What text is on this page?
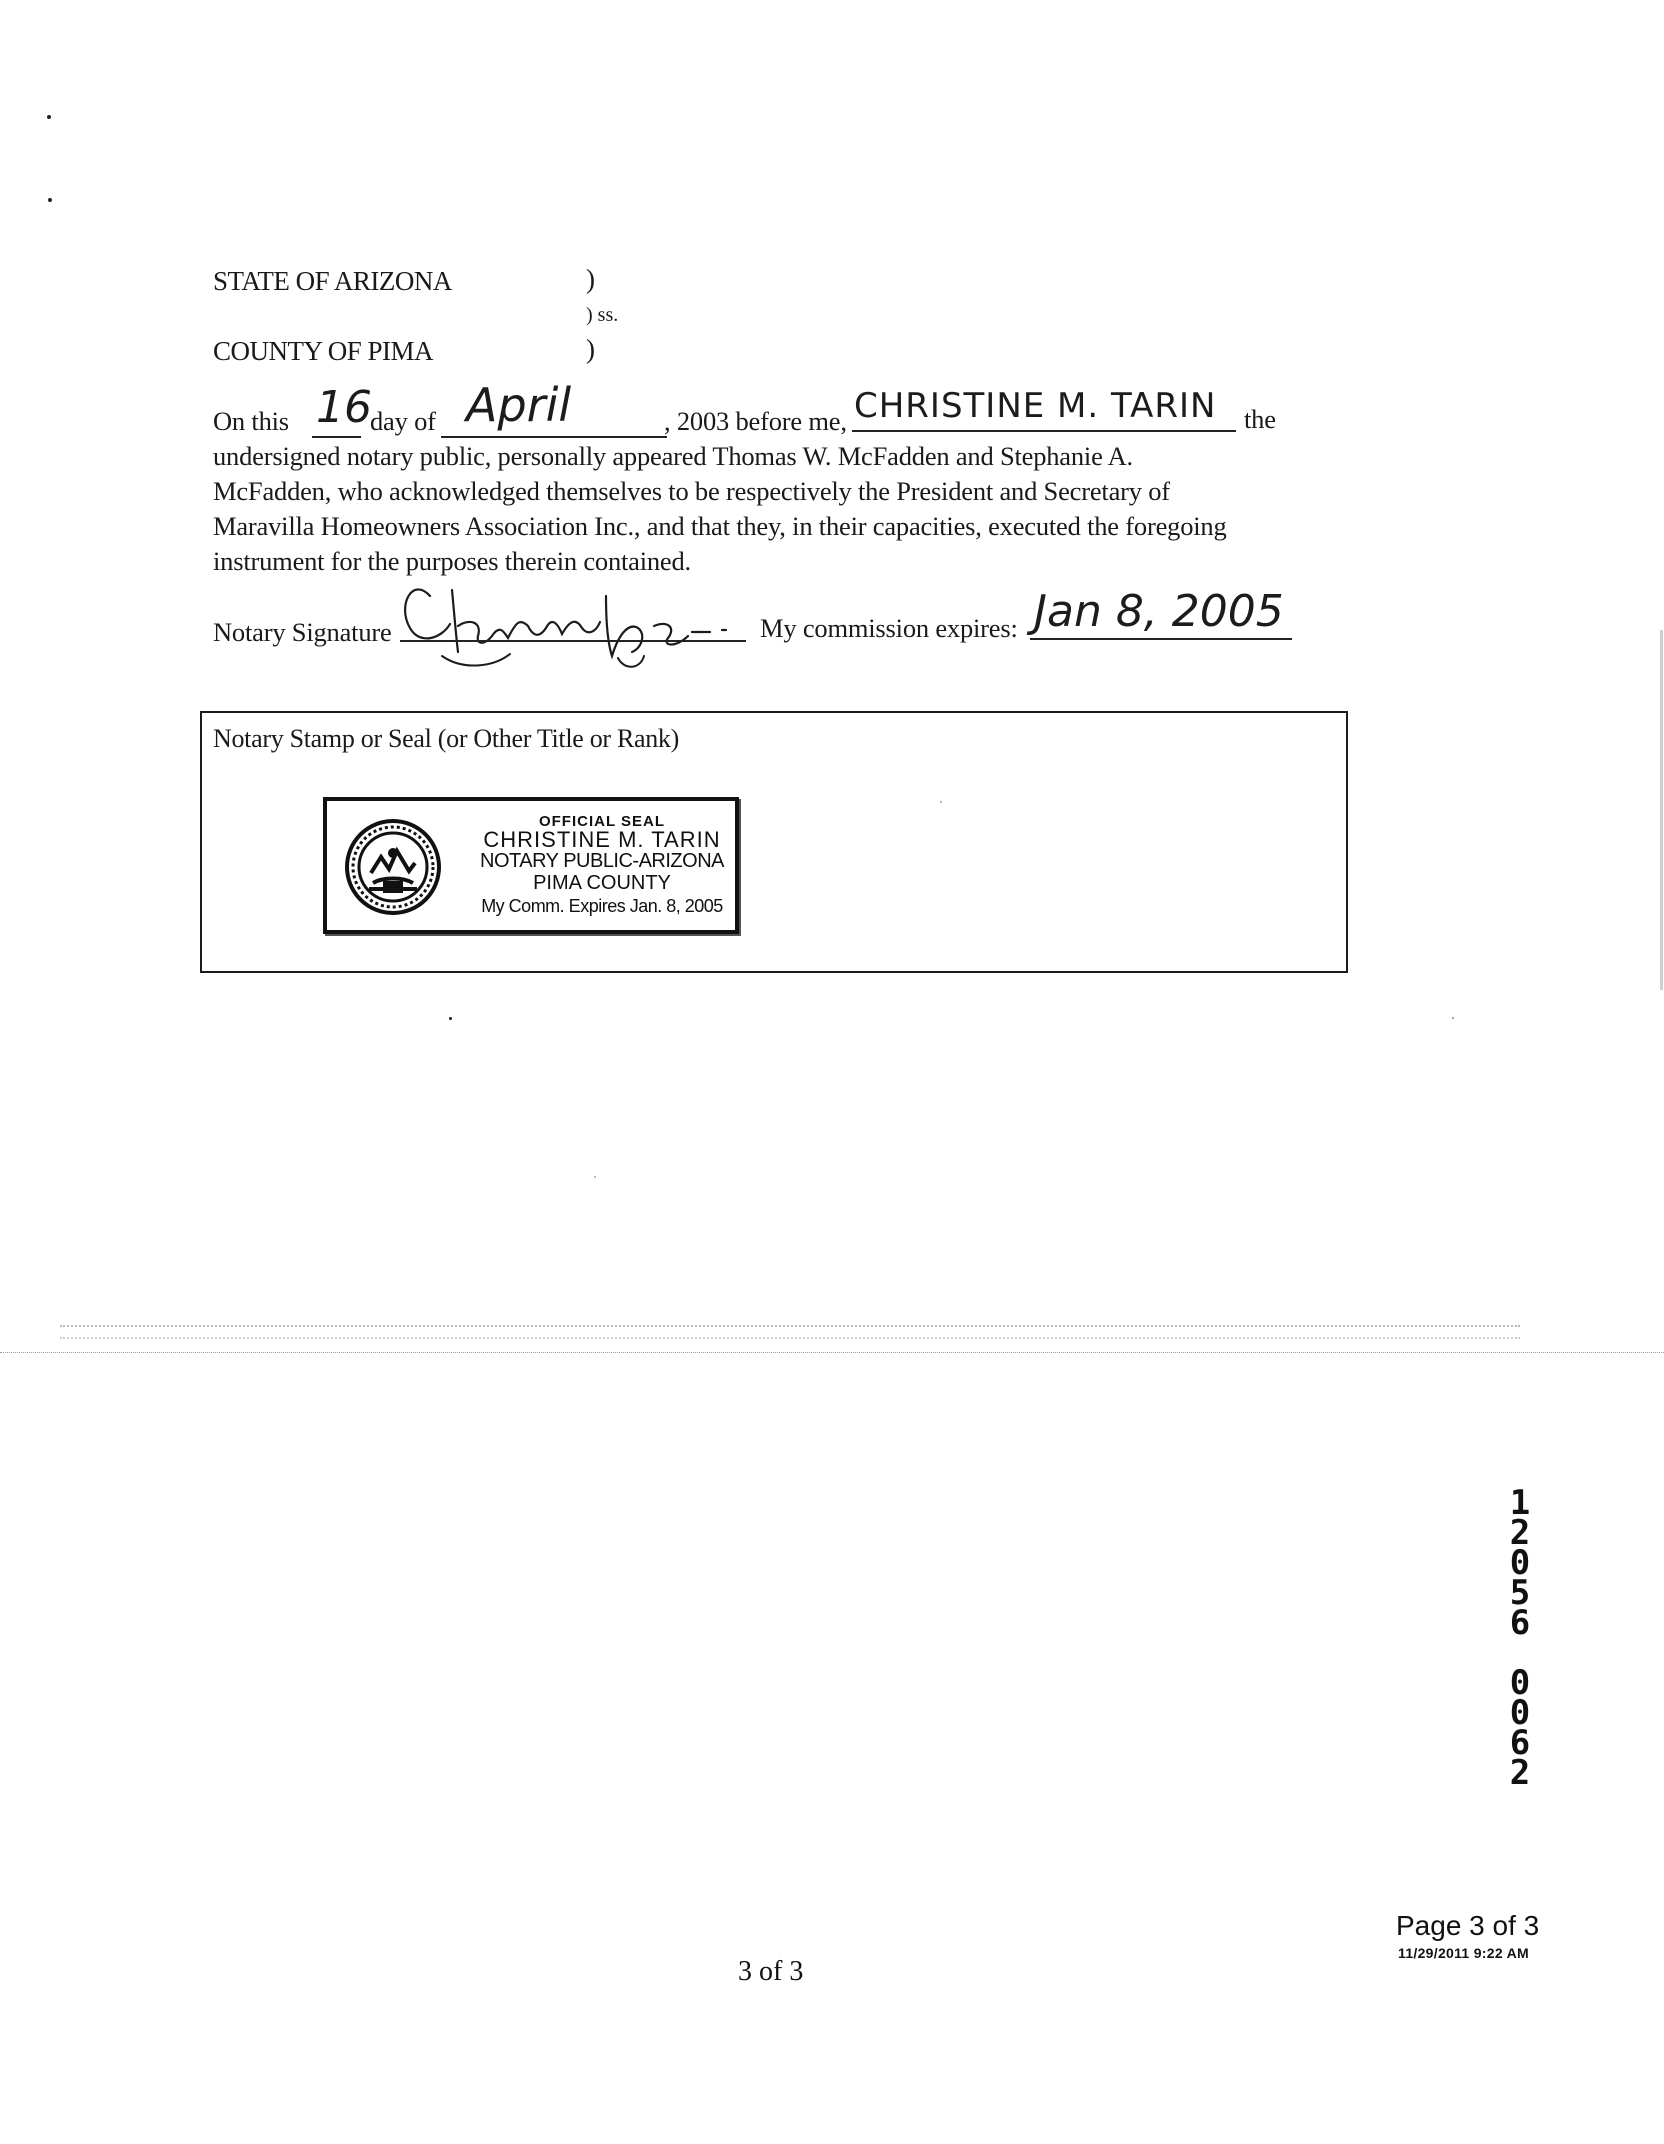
STATE OF ARIZONA	)
) ss.
COUNTY OF PIMA	)
On this 16
day of April	, 2003 before me, CHRISTINE M. TARIN the
undersigned notary public, personally appeared Thomas W. McFadden and Stephanie A.
McFadden, who acknowledged themselves to be respectively the President and Secretary of
Maravilla Homeowners Association Inc., and that they, in their capacities, executed the foregoing
instrument for the purposes therein contained.
Notary Signature	My commission expires: Jan 8, 2005
Notary Stamp or Seal (or Other Title or Rank)
OFFICIAL SEAL
CHRISTINE M. TARIN
NOTARY PUBLIC-ARIZONA
PIMA COUNTY
My Comm. Expires Jan. 8, 2005
1
2
0
5
6
0
0
6
2
Page 3 of 3
11/29/2011 9:22 AM
3 of 3
